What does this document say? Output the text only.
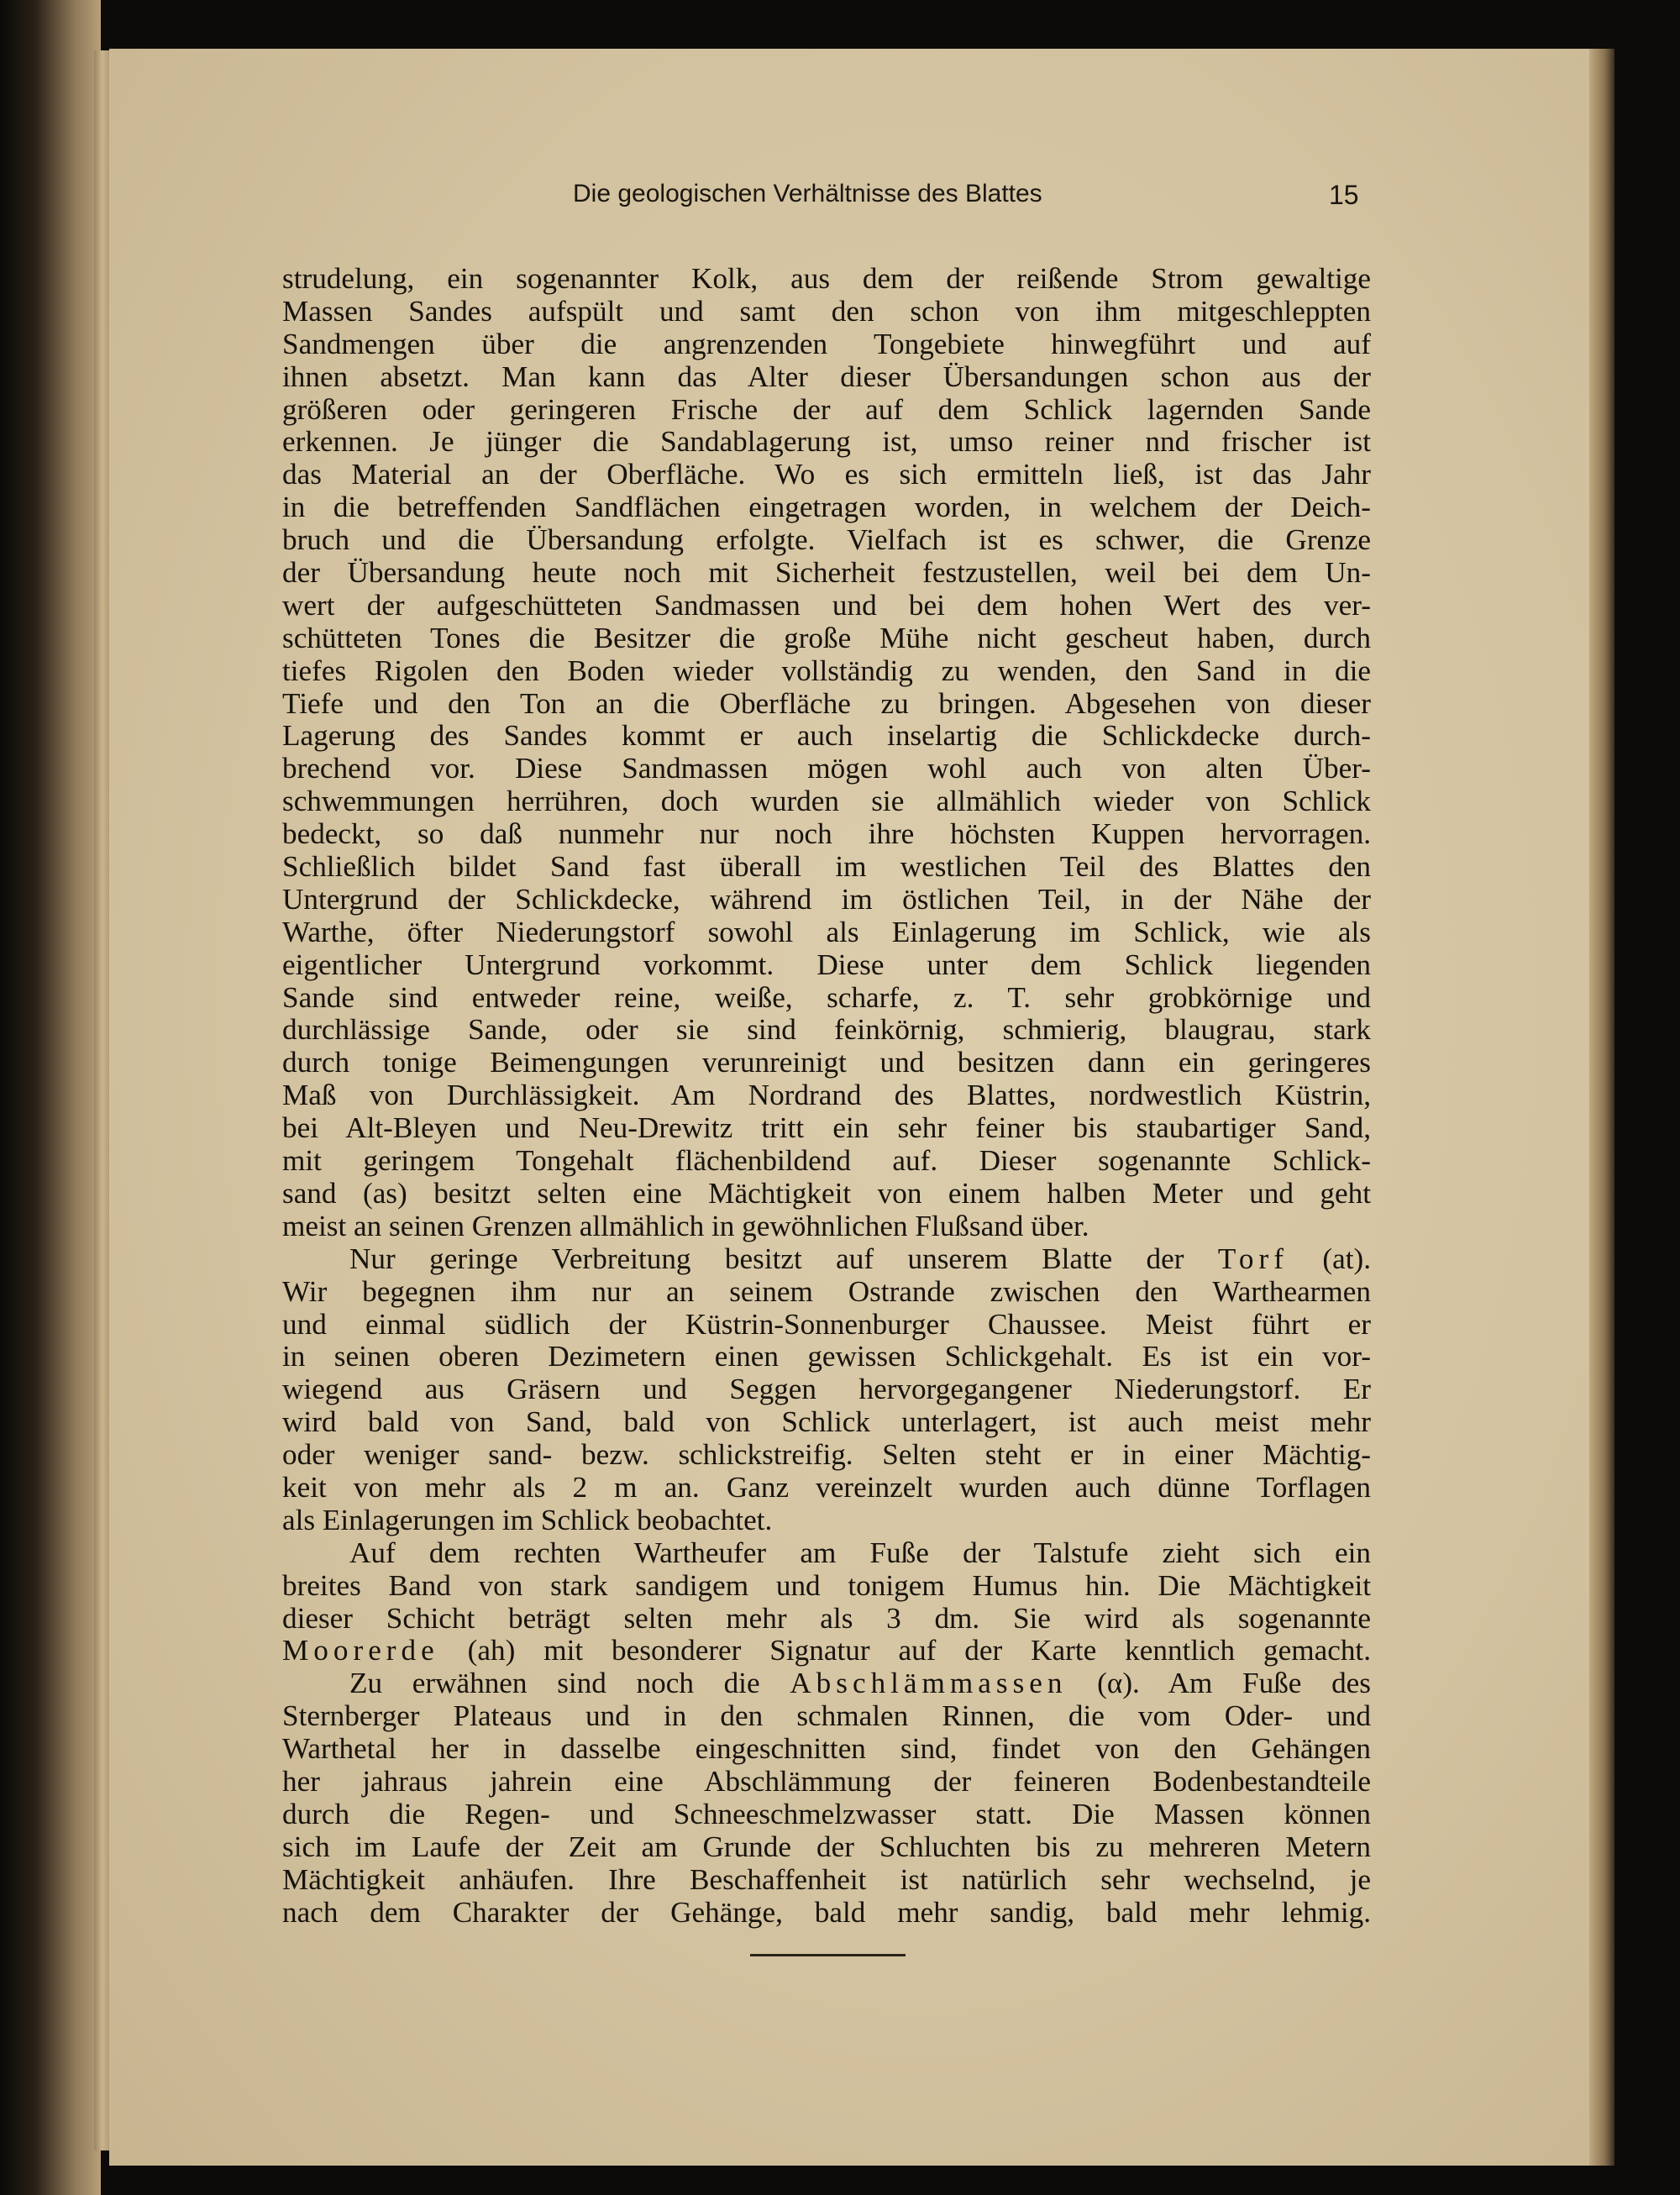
Die geologischen Verhältnisse des Blattes	15
strudelung, ein sogenannter Kolk, aus dem der reißende Strom gewaltige
Massen Sandes aufspült und samt den schon von ihm mitgeschleppten
Sandmengen über die angrenzenden Tongebiete hinwegführt und auf
ihnen absetzt. Man kann das Alter dieser Übersandungen schon aus der
größeren oder geringeren Frische der auf dem Schlick lagernden Sande
erkennen. Je jünger die Sandablagerung ist, umso reiner nnd frischer ist
das Material an der Oberfläche. Wo es sich ermitteln ließ, ist das Jahr
in die betreffenden Sandflächen eingetragen worden, in welchem der Deich-
bruch und die Übersandung erfolgte. Vielfach ist es schwer, die Grenze
der Übersandung heute noch mit Sicherheit festzustellen, weil bei dem Un-
wert der aufgeschütteten Sandmassen und bei dem hohen Wert des ver-
schütteten Tones die Besitzer die große Mühe nicht gescheut haben, durch
tiefes Rigolen den Boden wieder vollständig zu wenden, den Sand in die
Tiefe und den Ton an die Oberfläche zu bringen. Abgesehen von dieser
Lagerung des Sandes kommt er auch inselartig die Schlickdecke durch-
brechend vor. Diese Sandmassen mögen wohl auch von alten Über-
schwemmungen herrühren, doch wurden sie allmählich wieder von Schlick
bedeckt, so daß nunmehr nur noch ihre höchsten Kuppen hervorragen.
Schließlich bildet Sand fast überall im westlichen Teil des Blattes den
Untergrund der Schlickdecke, während im östlichen Teil, in der Nähe der
Warthe, öfter Niederungstorf sowohl als Einlagerung im Schlick, wie als
eigentlicher Untergrund vorkommt. Diese unter dem Schlick liegenden
Sande sind entweder reine, weiße, scharfe, z. T. sehr grobkörnige und
durchlässige Sande, oder sie sind feinkörnig, schmierig, blaugrau, stark
durch tonige Beimengungen verunreinigt und besitzen dann ein geringeres
Maß von Durchlässigkeit. Am Nordrand des Blattes, nordwestlich Küstrin,
bei Alt-Bleyen und Neu-Drewitz tritt ein sehr feiner bis staubartiger Sand,
mit geringem Tongehalt flächenbildend auf. Dieser sogenannte Schlick-
sand (as) besitzt selten eine Mächtigkeit von einem halben Meter und geht
meist an seinen Grenzen allmählich in gewöhnlichen Flußsand über.
Nur geringe Verbreitung besitzt auf unserem Blatte der Torf (at).
Wir begegnen ihm nur an seinem Ostrande zwischen den Warthearmen
und einmal südlich der Küstrin-Sonnenburger Chaussee. Meist führt er
in seinen oberen Dezimetern einen gewissen Schlickgehalt. Es ist ein vor-
wiegend aus Gräsern und Seggen hervorgegangener Niederungstorf. Er
wird bald von Sand, bald von Schlick unterlagert, ist auch meist mehr
oder weniger sand- bezw. schlickstreifig. Selten steht er in einer Mächtig-
keit von mehr als 2 m an. Ganz vereinzelt wurden auch dünne Torflagen
als Einlagerungen im Schlick beobachtet.
Auf dem rechten Wartheufer am Fuße der Talstufe zieht sich ein
breites Band von stark sandigem und tonigem Humus hin. Die Mächtigkeit
dieser Schicht beträgt selten mehr als 3 dm. Sie wird als sogenannte
Moorerde (ah) mit besonderer Signatur auf der Karte kenntlich gemacht.
Zu erwähnen sind noch die Abschlämmassen (α). Am Fuße des
Sternberger Plateaus und in den schmalen Rinnen, die vom Oder- und
Warthetal her in dasselbe eingeschnitten sind, findet von den Gehängen
her jahraus jahrein eine Abschlämmung der feineren Bodenbestandteile
durch die Regen- und Schneeschmelzwasser statt. Die Massen können
sich im Laufe der Zeit am Grunde der Schluchten bis zu mehreren Metern
Mächtigkeit anhäufen. Ihre Beschaffenheit ist natürlich sehr wechselnd, je
nach dem Charakter der Gehänge, bald mehr sandig, bald mehr lehmig.
